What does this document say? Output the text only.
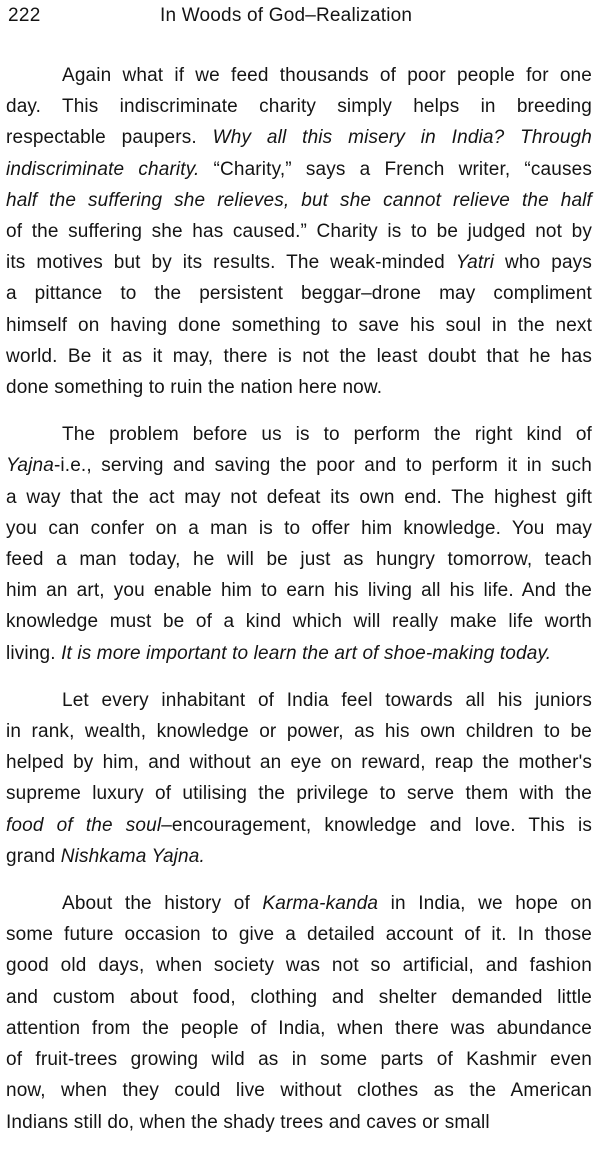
222	In Woods of God–Realization
Again what if we feed thousands of poor people for one
day. This indiscriminate charity simply helps in breeding
respectable paupers. Why all this misery in India? Through
indiscriminate charity. “Charity,” says a French writer, “causes
half the suffering she relieves, but she cannot relieve the half
of the suffering she has caused.” Charity is to be judged not by
its motives but by its results. The weak-minded Yatri who pays
a pittance to the persistent beggar–drone may compliment
himself on having done something to save his soul in the next
world. Be it as it may, there is not the least doubt that he has
done something to ruin the nation here now.
The problem before us is to perform the right kind of
Yajna-i.e., serving and saving the poor and to perform it in such
a way that the act may not defeat its own end. The highest gift
you can confer on a man is to offer him knowledge. You may
feed a man today, he will be just as hungry tomorrow, teach
him an art, you enable him to earn his living all his life. And the
knowledge must be of a kind which will really make life worth
living. It is more important to learn the art of shoe-making today.
Let every inhabitant of India feel towards all his juniors
in rank, wealth, knowledge or power, as his own children to be
helped by him, and without an eye on reward, reap the mother's
supreme luxury of utilising the privilege to serve them with the
food of the soul–encouragement, knowledge and love. This is
grand Nishkama Yajna.
About the history of Karma-kanda in India, we hope on
some future occasion to give a detailed account of it. In those
good old days, when society was not so artificial, and fashion
and custom about food, clothing and shelter demanded little
attention from the people of India, when there was abundance
of fruit-trees growing wild as in some parts of Kashmir even
now, when they could live without clothes as the American
Indians still do, when the shady trees and caves or small
